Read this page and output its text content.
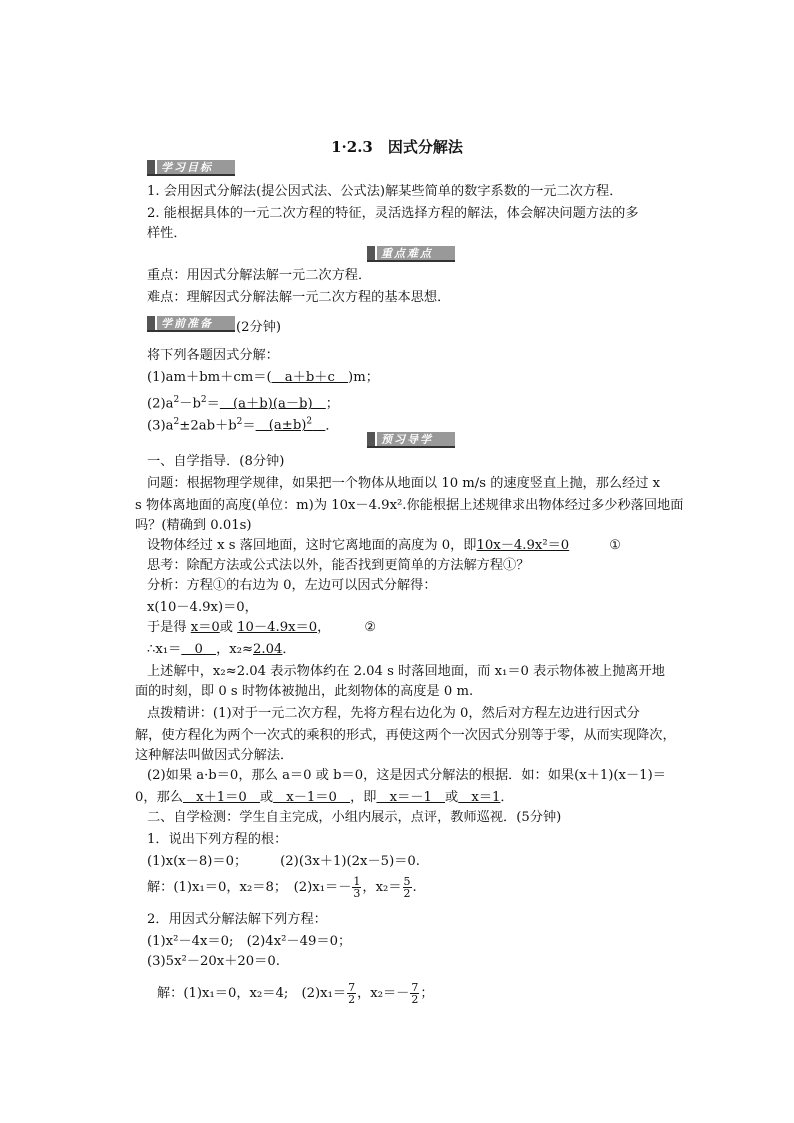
1·2.3　因式分解法
学习目标
1. 会用因式分解法(提公因式法、公式法)解某些简单的数字系数的一元二次方程．
2. 能根据具体的一元二次方程的特征，灵活选择方程的解法，体会解决问题方法的多
样性．
重点难点
重点：用因式分解法解一元二次方程．
难点：理解因式分解法解一元二次方程的基本思想．
学前准备	(2分钟)
将下列各题因式分解：
(1)am＋bm＋cm＝(　a＋b＋c　)m；
$(2)a^2-b^2=$　(a＋b)(a－b)　；
$(3)a^2\pm 2ab+b^2=$　$(a\pm b)^2$　 ．
预习导学
一、自学指导．(8分钟)
问题：根据物理学规律，如果把一个物体从地面以 10 m/s 的速度竖直上抛，那么经过 x
s 物体离地面的高度(单位：m)为 10x－4.9x².你能根据上述规律求出物体经过多少秒落回地面
吗？(精确到 0.01s)
设物体经过 x s 落回地面，这时它离地面的高度为 0，即10x－4.9x²＝0	①
思考：除配方法或公式法以外，能否找到更简单的方法解方程①？
分析：方程①的右边为 0，左边可以因式分解得：
x(10－4.9x)＝0，
于是得 x＝0或 10－4.9x＝0，	②
∴x₁＝　0　，x₂≈2.04．
上述解中，x₂≈2.04 表示物体约在 2.04 s 时落回地面，而 x₁＝0 表示物体被上抛离开地
面的时刻，即 0 s 时物体被抛出，此刻物体的高度是 0 m.
点拨精讲：(1)对于一元二次方程，先将方程右边化为 0，然后对方程左边进行因式分
解，使方程化为两个一次式的乘积的形式，再使这两个一次因式分别等于零，从而实现降次，
这种解法叫做因式分解法．
(2)如果 a·b＝0，那么 a＝0 或 b＝0，这是因式分解法的根据．如：如果(x＋1)(x－1)＝
0，那么　x＋1＝0　或　x－1＝0　，即　x＝－1　或　x＝1．
二、自学检测：学生自主完成，小组内展示，点评，教师巡视．(5分钟)
1．说出下列方程的根：
(1)x(x－8)＝0；　　　(2)(3x＋1)(2x－5)＝0.
解：(1)x₁＝0，x₂＝8；　$(2)x_1=- \frac{1}{3}$ ，$x_2= \frac{5}{2}$ .
2．用因式分解法解下列方程：
(1)x²－4x＝0;　(2)4x²－49＝0；
(3)5x²－20x＋20＝0.
解：(1)x₁＝0，x₂＝4;　$(2)x_1= \frac{7}{2}$ ，$x_2=- \frac{7}{2}$ ；
